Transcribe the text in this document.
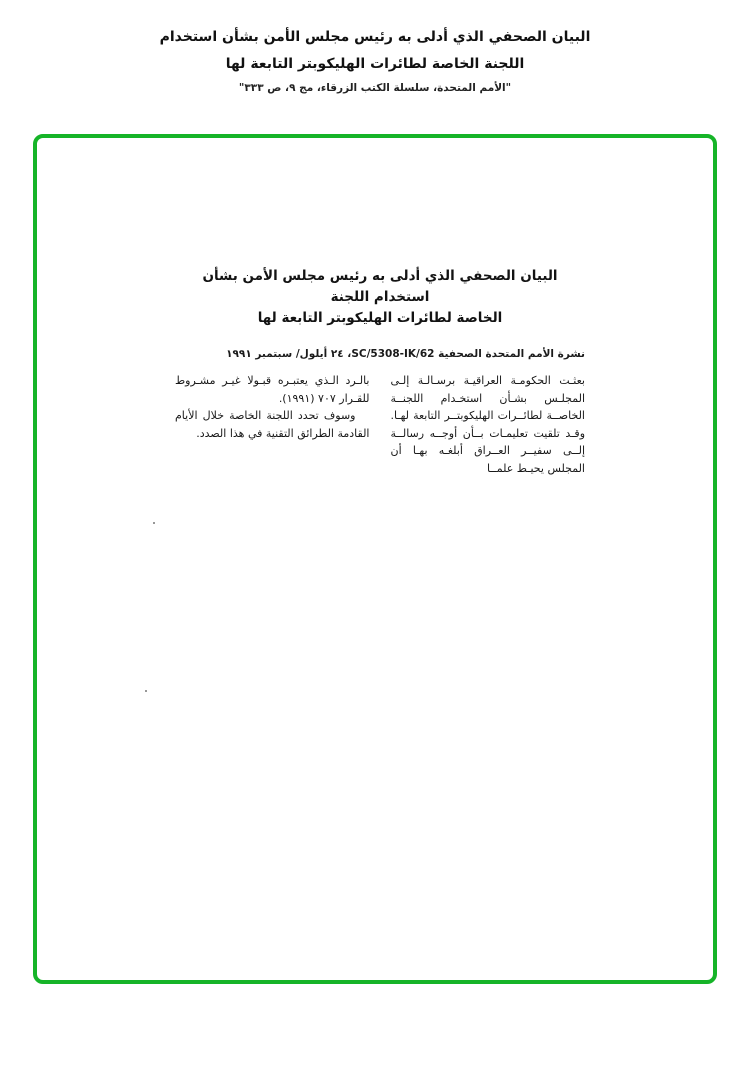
البيان الصحفي الذي أدلى به رئيس مجلس الأمن بشأن استخدام
اللجنة الخاصة لطائرات الهليكوبتر التابعة لها
"الأمم المتحدة، سلسلة الكتب الزرقاء، مج ٩، ص ٣٣٣"
البيان الصحفي الذي أدلى به رئيس مجلس الأمن بشأن استخدام اللجنة
الخاصة لطائرات الهليكوبتر التابعة لها
نشرة الأمم المتحدة الصحفية SC/5308-IK/62، ٢٤ أيلول/ سبتمبر ١٩٩١

بعثـت الحكومـة العراقيـة برسـالـة إلـى المجلـس بشـأن استخـدام اللجنــة الخاصــة لطائــرات الهليكوبتــر التابعة لهـا. وقـد تلقيت تعليمـات بــأن أوجــه رسالــة إلــى سفيــر العــراق أبلغـه بهـا أن المجلس يحيـط علمــا

بالـرد الـذي يعتبـره قبـولا غيـر مشـروط للقـرار ٧٠٧ (١٩٩١).

وسوف تحدد اللجنة الخاصة خلال الأيام القادمة الطرائق التقنية في هذا الصدد.
